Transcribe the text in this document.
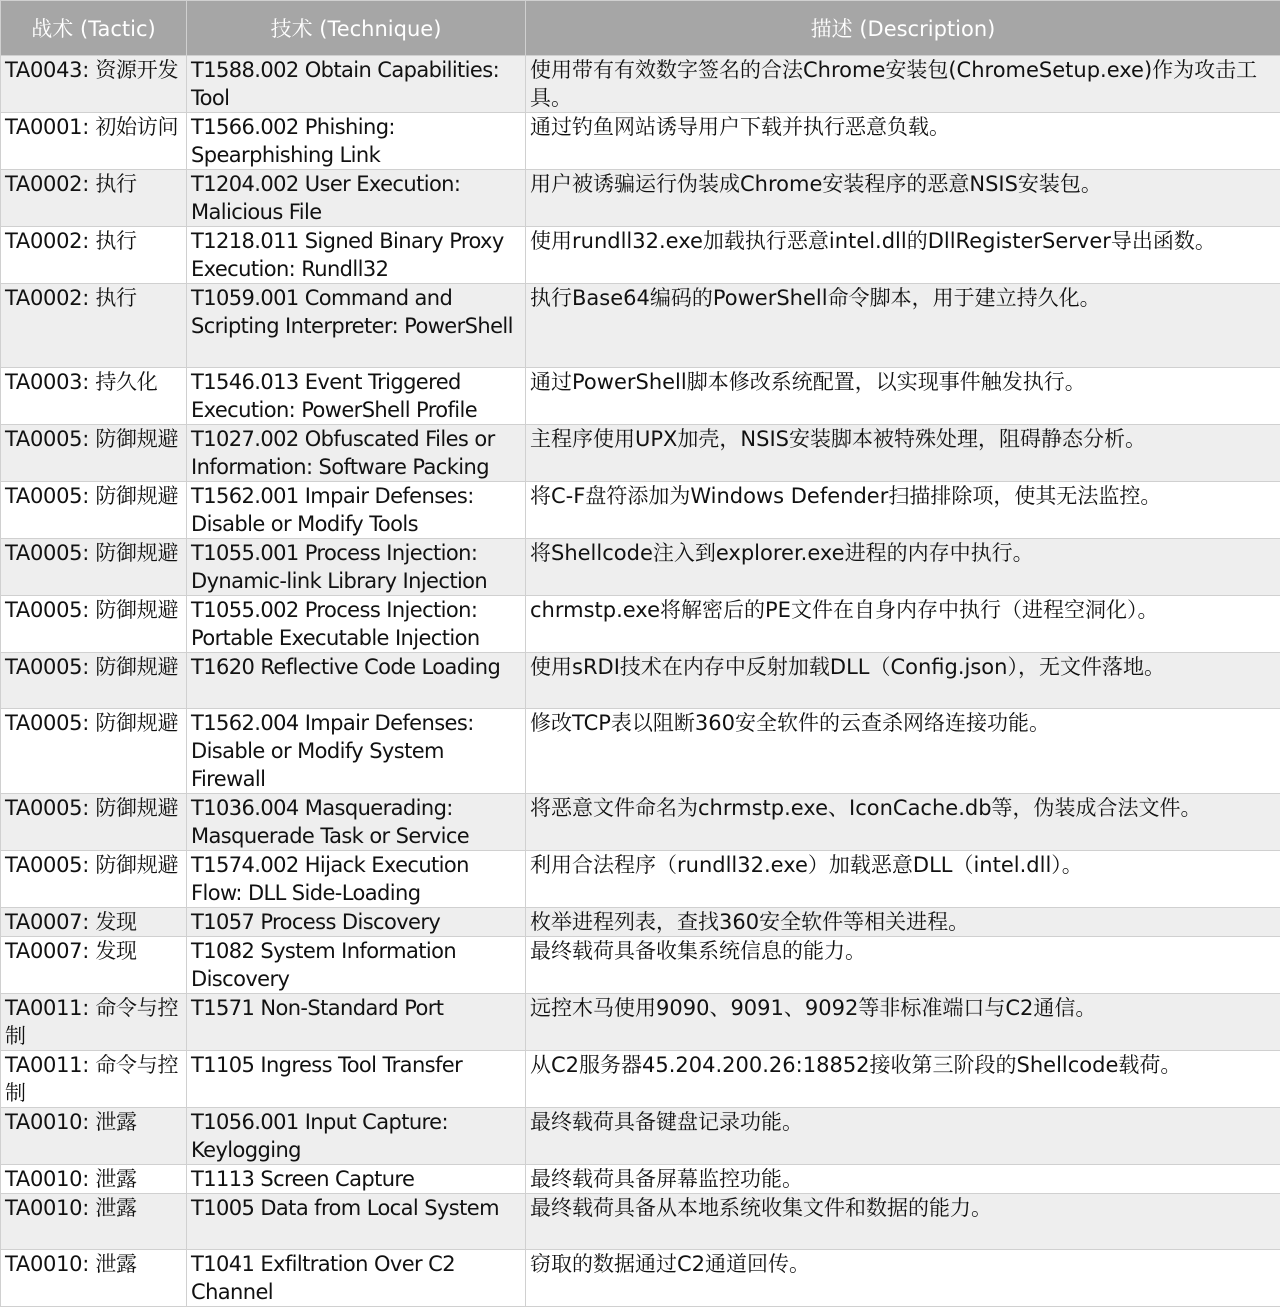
战术 (Tactic)	技术 (Technique)	描述 (Description)
TA0043: 资源开发	T1588.002 Obtain Capabilities: Tool	使用带有有效数字签名的合法Chrome安装包(ChromeSetup.exe)作为攻击工具。
TA0001: 初始访问	T1566.002 Phishing: Spearphishing Link	通过钓鱼网站诱导用户下载并执行恶意负载。
TA0002: 执行	T1204.002 User Execution: Malicious File	用户被诱骗运行伪装成Chrome安装程序的恶意NSIS安装包。
TA0002: 执行	T1218.011 Signed Binary Proxy Execution: Rundll32	使用rundll32.exe加载执行恶意intel.dll的DllRegisterServer导出函数。
TA0002: 执行	T1059.001 Command and Scripting Interpreter: PowerShell	执行Base64编码的PowerShell命令脚本，用于建立持久化。
TA0003: 持久化	T1546.013 Event Triggered Execution: PowerShell Profile	通过PowerShell脚本修改系统配置，以实现事件触发执行。
TA0005: 防御规避	T1027.002 Obfuscated Files or Information: Software Packing	主程序使用UPX加壳，NSIS安装脚本被特殊处理，阻碍静态分析。
TA0005: 防御规避	T1562.001 Impair Defenses: Disable or Modify Tools	将C-F盘符添加为Windows Defender扫描排除项，使其无法监控。
TA0005: 防御规避	T1055.001 Process Injection: Dynamic-link Library Injection	将Shellcode注入到explorer.exe进程的内存中执行。
TA0005: 防御规避	T1055.002 Process Injection: Portable Executable Injection	chrmstp.exe将解密后的PE文件在自身内存中执行（进程空洞化）。
TA0005: 防御规避	T1620 Reflective Code Loading	使用sRDI技术在内存中反射加载DLL（Config.json），无文件落地。
TA0005: 防御规避	T1562.004 Impair Defenses: Disable or Modify System Firewall	修改TCP表以阻断360安全软件的云查杀网络连接功能。
TA0005: 防御规避	T1036.004 Masquerading: Masquerade Task or Service	将恶意文件命名为chrmstp.exe、IconCache.db等，伪装成合法文件。
TA0005: 防御规避	T1574.002 Hijack Execution Flow: DLL Side-Loading	利用合法程序（rundll32.exe）加载恶意DLL（intel.dll）。
TA0007: 发现	T1057 Process Discovery	枚举进程列表，查找360安全软件等相关进程。
TA0007: 发现	T1082 System Information Discovery	最终载荷具备收集系统信息的能力。
TA0011: 命令与控制	T1571 Non-Standard Port	远控木马使用9090、9091、9092等非标准端口与C2通信。
TA0011: 命令与控制	T1105 Ingress Tool Transfer	从C2服务器45.204.200.26:18852接收第三阶段的Shellcode载荷。
TA0010: 泄露	T1056.001 Input Capture: Keylogging	最终载荷具备键盘记录功能。
TA0010: 泄露	T1113 Screen Capture	最终载荷具备屏幕监控功能。
TA0010: 泄露	T1005 Data from Local System	最终载荷具备从本地系统收集文件和数据的能力。
TA0010: 泄露	T1041 Exfiltration Over C2 Channel	窃取的数据通过C2通道回传。
